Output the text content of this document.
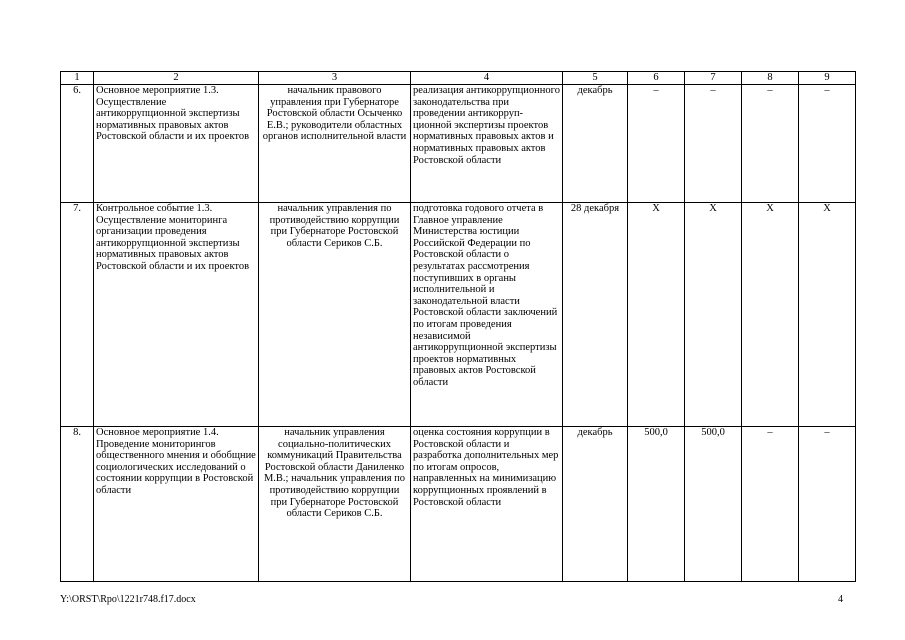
1	2	3	4	5	6	7	8	9
6.	Основное мероприятие 1.3. Осуществление антикоррупционной экспертизы нормативных правовых актов Ростовской области и их проектов	начальник правового управления при Губернаторе Ростовской области Осыченко Е.В.; руководители областных органов исполнительной власти	реализация антикоррупционного законодательства при проведении антикорруп-ционной экспертизы проектов нормативных правовых актов и нормативных правовых актов Ростовской области	декабрь	–	–	–	–
7.	Контрольное событие 1.3. Осуществление мониторинга организации проведения антикоррупционной экспертизы нормативных правовых актов Ростовской области и их проектов	начальник управления по противодействию коррупции при Губернаторе Ростовской области Сериков С.Б.	подготовка годового отчета в Главное управление Министерства юстиции Российской Федерации по Ростовской области о результатах рассмотрения поступивших в органы исполнительной и законодательной власти Ростовской области заключений по итогам проведения независимой антикоррупционной экспертизы проектов нормативных правовых актов Ростовской области	28 декабря	Х	Х	Х	Х
8.	Основное мероприятие 1.4. Проведение мониторингов общественного мнения и обобщние социологических исследований о состоянии коррупции в Ростовской области	начальник управления социально-политических коммуникаций Правительства Ростовской области Даниленко М.В.; начальник управления по противодействию коррупции при Губернаторе Ростовской области Сериков С.Б.	оценка состояния коррупции в Ростовской области и разработка дополнительных мер по итогам опросов, направленных на минимизацию коррупционных проявлений в Ростовской области	декабрь	500,0	500,0	–	–
Y:\ORST\Rpo\1221r748.f17.docx	4
